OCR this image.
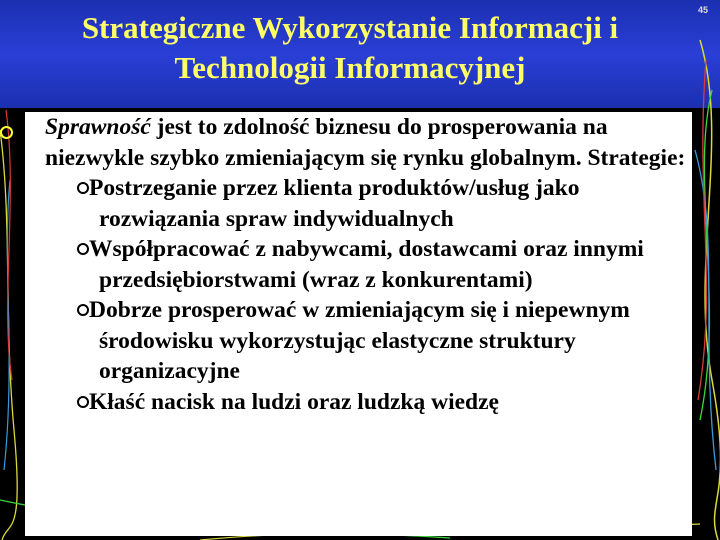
Strategiczne Wykorzystanie Informacji i
Technologii Informacyjnej
45
Sprawność jest to zdolność biznesu do prosperowania na niezwykle szybko zmieniającym się rynku globalnym. Strategie:
Postrzeganie przez klienta produktów/usług jako rozwiązania spraw indywidualnych
Współpracować z nabywcami, dostawcami oraz innymi przedsiębiorstwami (wraz z konkurentami)
Dobrze prosperować w zmieniającym się i niepewnym środowisku wykorzystując elastyczne struktury organizacyjne
Kłaść nacisk na ludzi oraz ludzką wiedzę
